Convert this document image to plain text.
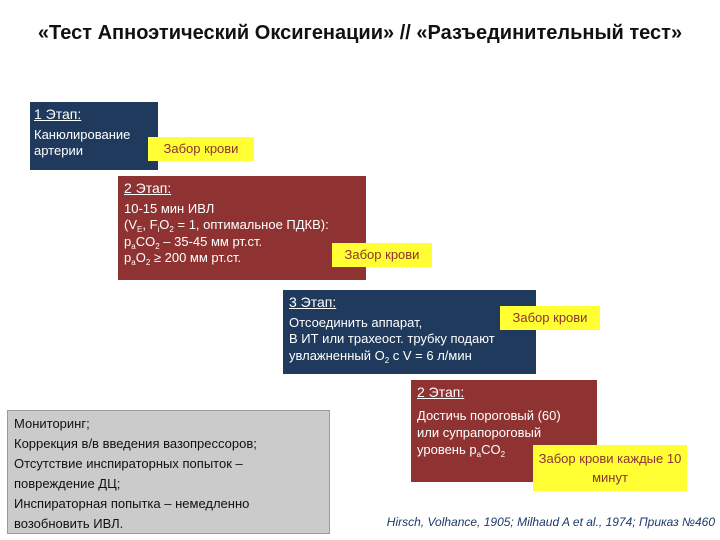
«Тест Апноэтический Оксигенации» // «Разъединительный тест»
1 Этап:
Канюлирование
артерии	Забор крови
2 Этап:
10-15 мин ИВЛ
($V_E$, $F_iO_2 = 1$, оптимальное ПДКВ):
$p_aCO_2 - 35-45$ мм рт.ст.
$p_aO_2 \ge 200$ мм рт.ст.	Забор крови
3 Этап:
Отсоединить аппарат,
В ИТ или трахеост. трубку подают
увлажненный $O_2$ с V = 6 л/мин
Забор крови
2 Этап:
Достичь пороговый (60)
или супрапороговый
уровень $p_aCO_2$	Забор крови каждые 10 минут
Мониторинг;
Коррекция в/в введения вазопрессоров;
Отсутствие инспираторных попыток –
повреждение ДЦ;
Инспираторная попытка – немедленно
возобновить ИВЛ.	Hirsch, Volhance, 1905; Milhaud A et al., 1974; Приказ №460
